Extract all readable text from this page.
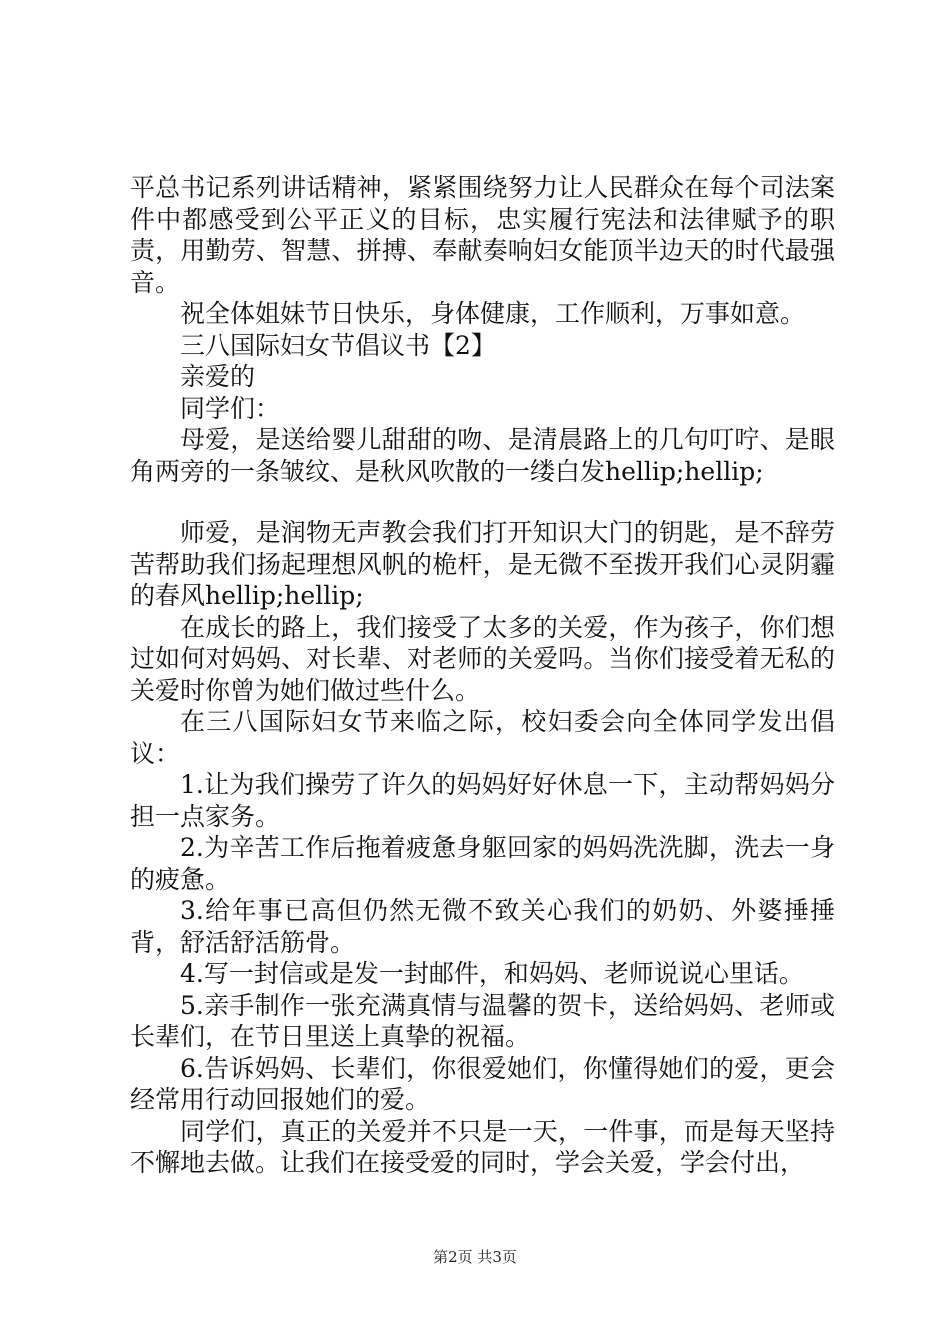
平总书记系列讲话精神，紧紧围绕努力让人民群众在每个司法案件中都感受到公平正义的目标，忠实履行宪法和法律赋予的职责，用勤劳、智慧、拼搏、奉献奏响妇女能顶半边天的时代最强音。

祝全体姐妹节日快乐，身体健康，工作顺利，万事如意。

三八国际妇女节倡议书【2】

亲爱的

同学们：

母爱，是送给婴儿甜甜的吻、是清晨路上的几句叮咛、是眼角两旁的一条皱纹、是秋风吹散的一缕白发hellip;hellip;

师爱，是润物无声教会我们打开知识大门的钥匙，是不辞劳苦帮助我们扬起理想风帆的桅杆，是无微不至拨开我们心灵阴霾的春风hellip;hellip;

在成长的路上，我们接受了太多的关爱，作为孩子，你们想过如何对妈妈、对长辈、对老师的关爱吗。当你们接受着无私的关爱时你曾为她们做过些什么。

在三八国际妇女节来临之际，校妇委会向全体同学发出倡议：

1.让为我们操劳了许久的妈妈好好休息一下，主动帮妈妈分担一点家务。

2.为辛苦工作后拖着疲惫身躯回家的妈妈洗洗脚，洗去一身的疲惫。

3.给年事已高但仍然无微不致关心我们的奶奶、外婆捶捶背，舒活舒活筋骨。

4.写一封信或是发一封邮件，和妈妈、老师说说心里话。

5.亲手制作一张充满真情与温馨的贺卡，送给妈妈、老师或长辈们，在节日里送上真挚的祝福。

6.告诉妈妈、长辈们，你很爱她们，你懂得她们的爱，更会经常用行动回报她们的爱。

同学们，真正的关爱并不只是一天，一件事，而是每天坚持不懈地去做。让我们在接受爱的同时，学会关爱，学会付出，

第2页 共3页
